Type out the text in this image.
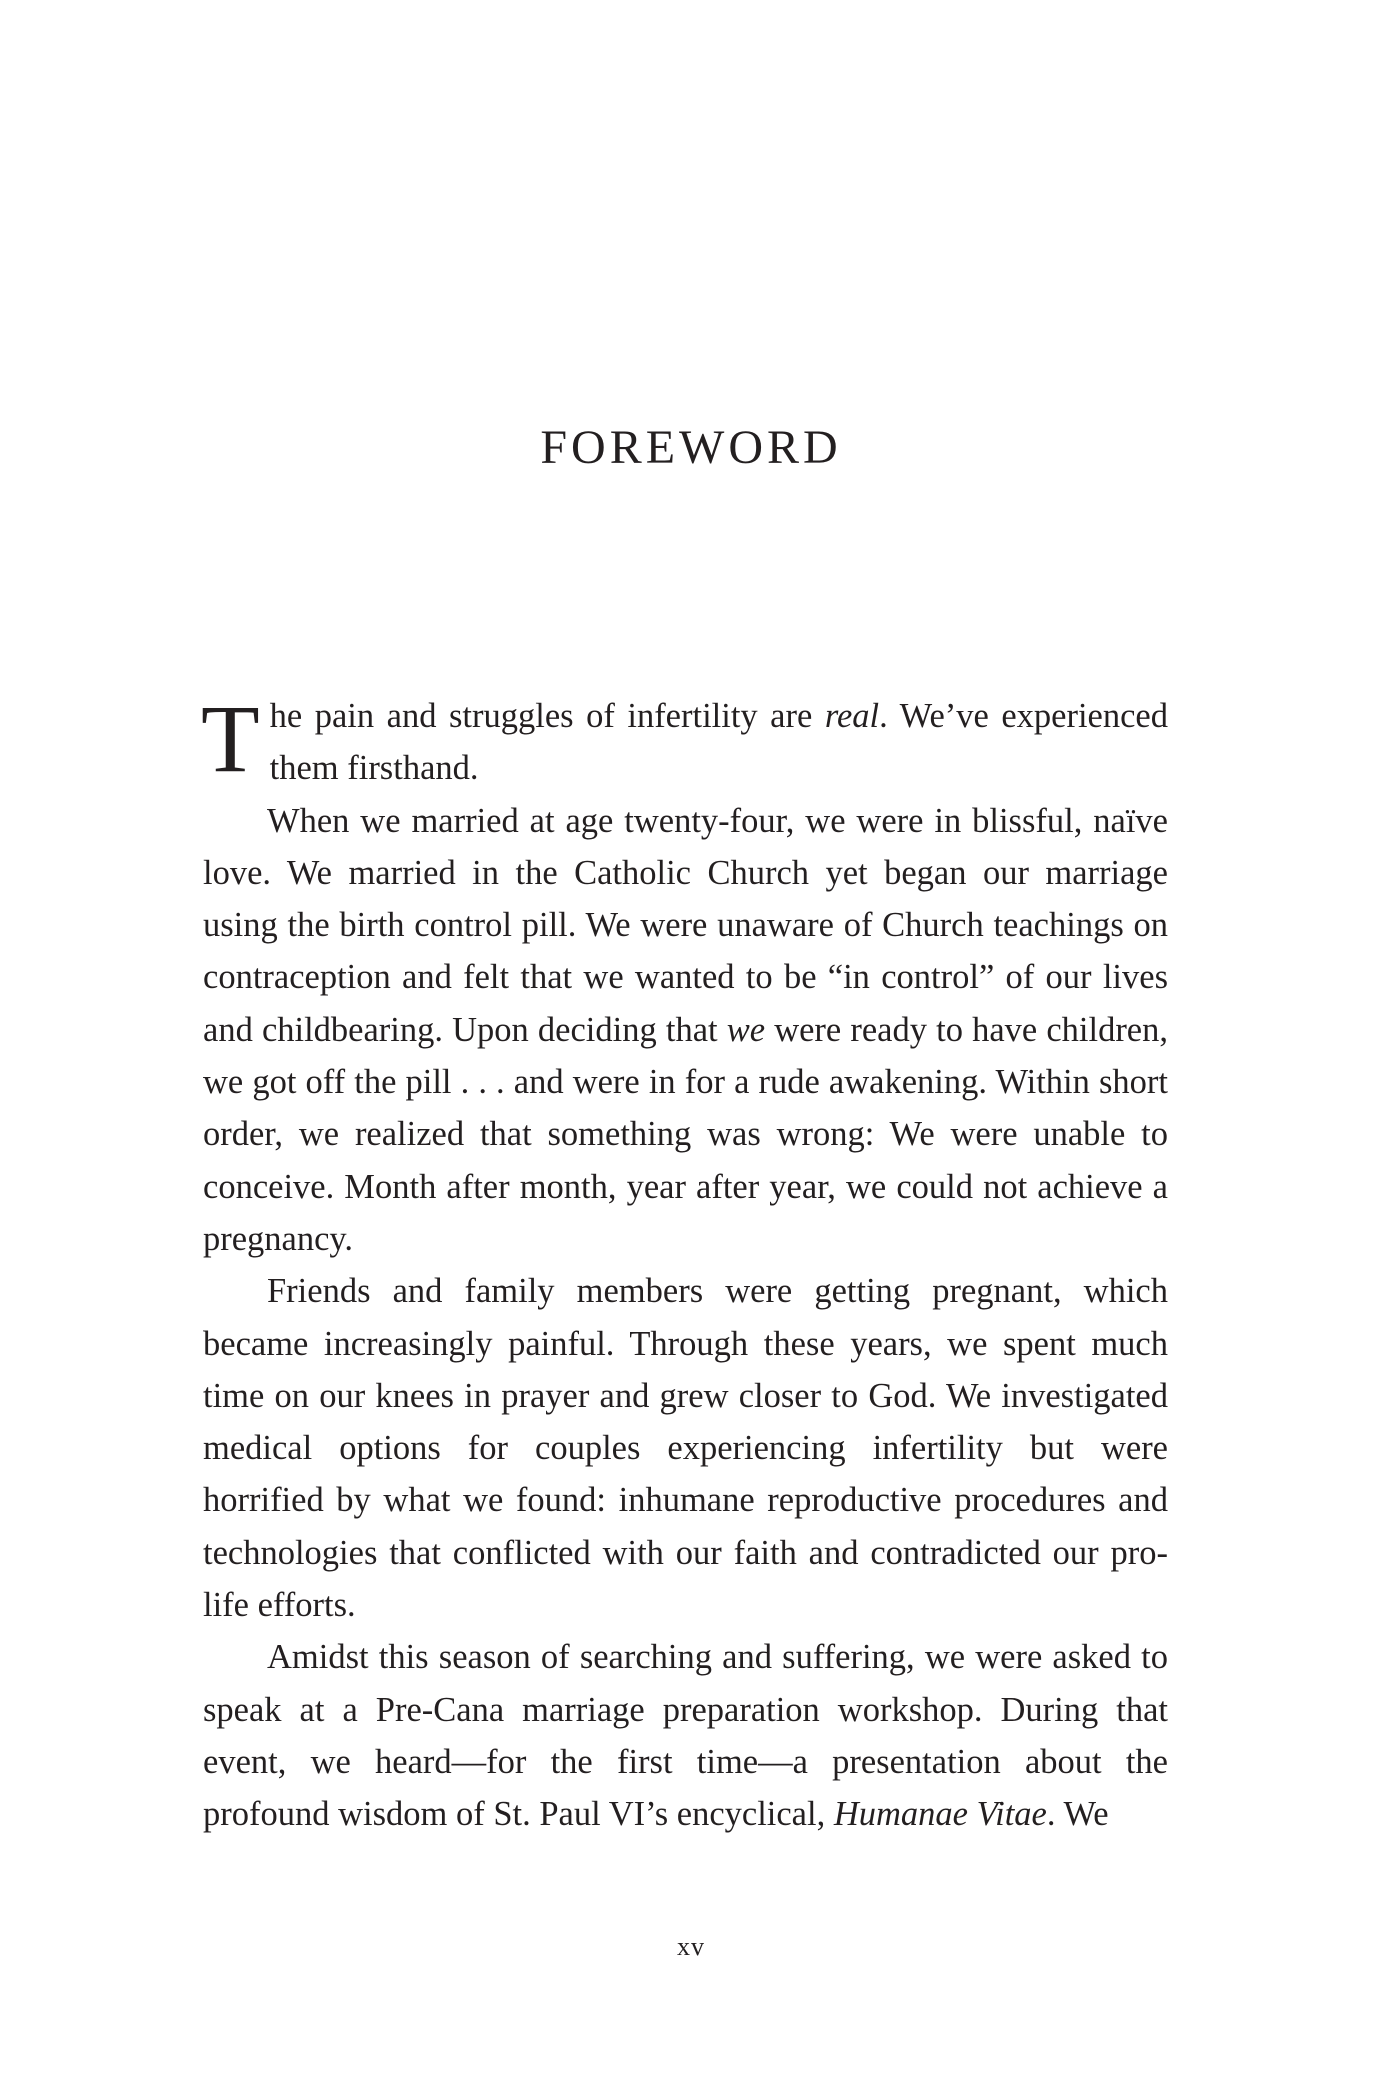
FOREWORD

The pain and struggles of infertility are real. We’ve experienced them firsthand.

When we married at age twenty-four, we were in blissful, naïve love. We married in the Catholic Church yet began our marriage using the birth control pill. We were unaware of Church teachings on contraception and felt that we wanted to be “in control” of our lives and childbearing. Upon deciding that we were ready to have children, we got off the pill . . . and were in for a rude awakening. Within short order, we realized that something was wrong: We were unable to conceive. Month after month, year after year, we could not achieve a pregnancy.

Friends and family members were getting pregnant, which became increasingly painful. Through these years, we spent much time on our knees in prayer and grew closer to God. We investigated medical options for couples experiencing infertility but were horrified by what we found: inhumane reproductive procedures and technologies that conflicted with our faith and contradicted our pro-life efforts.

Amidst this season of searching and suffering, we were asked to speak at a Pre-Cana marriage preparation workshop. During that event, we heard—for the first time—a presentation about the profound wisdom of St. Paul VI’s encyclical, Humanae Vitae. We

xv
